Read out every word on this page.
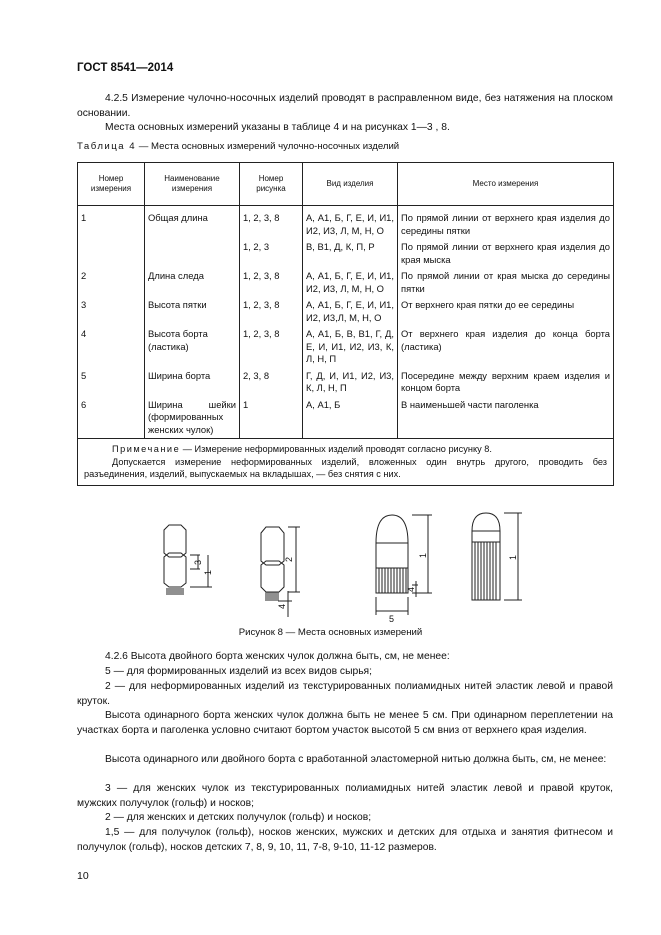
ГОСТ 8541—2014
4.2.5 Измерение чулочно-носочных изделий проводят в расправленном виде, без натяжения на плоском основании.
Места основных измерений указаны в таблице 4 и на рисунках 1—3 , 8.
Таблица 4 — Места основных измерений чулочно-носочных изделий
Номер измерения	Наименование измерения	Номер рисунка	Вид изделия	Место измерения
1	Общая длина	1, 2, 3, 8	А, А1, Б, Г, Е, И, И1, И2, И3, Л, М, Н, О	По прямой линии от верхнего края изделия до середины пятки
		1, 2, 3	В, В1, Д, К, П, Р	По прямой линии от верхнего края изделия до края мыска
2	Длина следа	1, 2, 3, 8	А, А1, Б, Г, Е, И, И1, И2, И3, Л, М, Н, О	По прямой линии от края мыска до середины пятки
3	Высота пятки	1, 2, 3, 8	А, А1, Б, Г, Е, И, И1, И2, И3,Л, М, Н, О	От верхнего края пятки до ее середины
4	Высота борта (ластика)	1, 2, 3, 8	А, А1, Б, В, В1, Г, Д, Е, И, И1, И2, И3, К, Л, Н, П	От верхнего края изделия до конца борта (ластика)
5	Ширина борта	2, 3, 8	Г, Д, И, И1, И2, И3, К, Л, Н, П	Посередине между верхним краем изделия и концом борта
6	Ширина шейки (формированных женских чулок)	1	А, А1, Б	В наименьшей части паголенка

Примечание — Измерение неформированных изделий проводят согласно рисунку 8.
Допускается измерение неформированных изделий, вложенных один внутрь другого, проводить без разъединения, изделий, выпускаемых на вкладышах, — без снятия с них.				
1
2
3
4
5
1
4
1
Рисунок 8 — Места основных измерений
4.2.6 Высота двойного борта женских чулок должна быть, см, не менее:
5 — для формированных изделий из всех видов сырья;
2 — для неформированных изделий из текстурированных полиамидных нитей эластик левой и правой круток.
Высота одинарного борта женских чулок должна быть не менее 5 см. При одинарном переплетении на участках борта и паголенка условно считают бортом участок высотой 5 см вниз от верхнего края изделия.
Высота одинарного или двойного борта с вработанной эластомерной нитью должна быть, см, не менее:
3 — для женских чулок из текстурированных полиамидных нитей эластик левой и правой круток, мужских получулок (гольф) и носков;
2 — для женских и детских получулок (гольф) и носков;
1,5 — для получулок (гольф), носков женских, мужских и детских для отдыха и занятия фитнесом и получулок (гольф), носков детских 7, 8, 9, 10, 11, 7-8, 9-10, 11-12 размеров.
10
